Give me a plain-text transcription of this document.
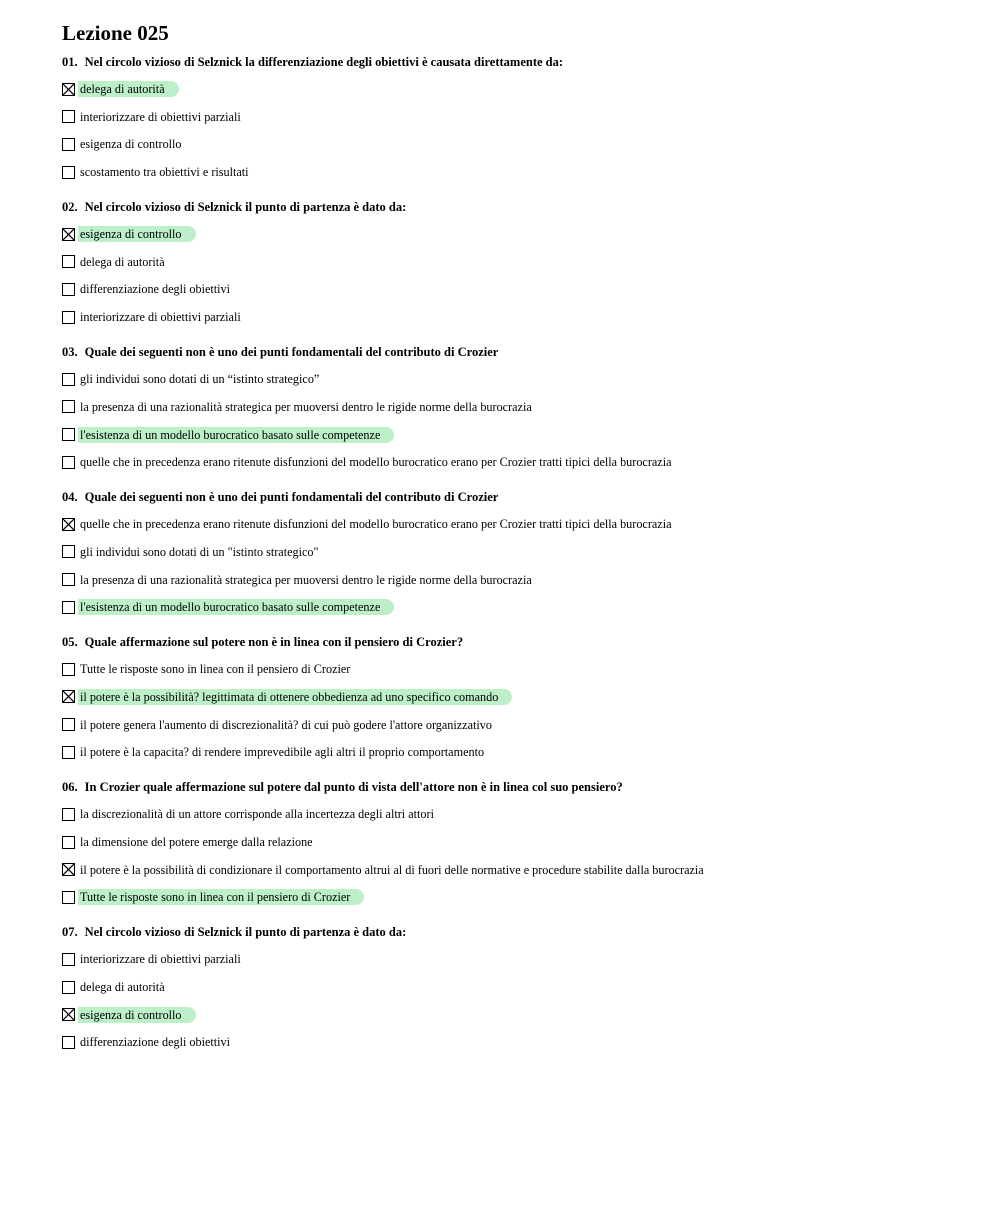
Lezione 025
01. Nel circolo vizioso di Selznick la differenziazione degli obiettivi è causata direttamente da:
delega di autorità
interiorizzare di obiettivi parziali
esigenza di controllo
scostamento tra obiettivi e risultati
02. Nel circolo vizioso di Selznick il punto di partenza è dato da:
esigenza di controllo
delega di autorità
differenziazione degli obiettivi
interiorizzare di obiettivi parziali
03. Quale dei seguenti non è uno dei punti fondamentali del contributo di Crozier
gli individui sono dotati di un “istinto strategico”
la presenza di una razionalità strategica per muoversi dentro le rigide norme della burocrazia
l'esistenza di un modello burocratico basato sulle competenze
quelle che in precedenza erano ritenute disfunzioni del modello burocratico erano per Crozier tratti tipici della burocrazia
04. Quale dei seguenti non è uno dei punti fondamentali del contributo di Crozier
quelle che in precedenza erano ritenute disfunzioni del modello burocratico erano per Crozier tratti tipici della burocrazia
gli individui sono dotati di un "istinto strategico"
la presenza di una razionalità strategica per muoversi dentro le rigide norme della burocrazia
l'esistenza di un modello burocratico basato sulle competenze
05. Quale affermazione sul potere non è in linea con il pensiero di Crozier?
Tutte le risposte sono in linea con il pensiero di Crozier
il potere è la possibilità? legittimata di ottenere obbedienza ad uno specifico comando
il potere genera l'aumento di discrezionalità? di cui può godere l'attore organizzativo
il potere è la capacita? di rendere imprevedibile agli altri il proprio comportamento
06. In Crozier quale affermazione sul potere dal punto di vista dell'attore non è in linea col suo pensiero?
la discrezionalità di un attore corrisponde alla incertezza degli altri attori
la dimensione del potere emerge dalla relazione
il potere è la possibilità di condizionare il comportamento altrui al di fuori delle normative e procedure stabilite dalla burocrazia
Tutte le risposte sono in linea con il pensiero di Crozier
07. Nel circolo vizioso di Selznick il punto di partenza è dato da:
interiorizzare di obiettivi parziali
delega di autorità
esigenza di controllo
differenziazione degli obiettivi
